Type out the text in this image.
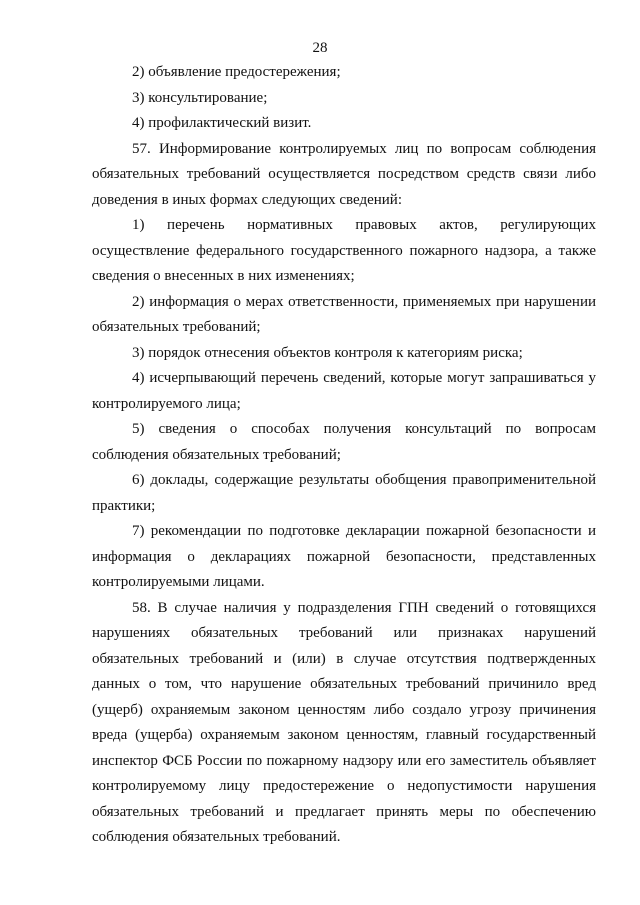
28

2) объявление предостережения;

3) консультирование;

4) профилактический визит.

57. Информирование контролируемых лиц по вопросам соблюдения обязательных требований осуществляется посредством средств связи либо доведения в иных формах следующих сведений:

1) перечень нормативных правовых актов, регулирующих осуществление федерального государственного пожарного надзора, а также сведения о внесенных в них изменениях;

2) информация о мерах ответственности, применяемых при нарушении обязательных требований;

3) порядок отнесения объектов контроля к категориям риска;

4) исчерпывающий перечень сведений, которые могут запрашиваться у контролируемого лица;

5) сведения о способах получения консультаций по вопросам соблюдения обязательных требований;

6) доклады, содержащие результаты обобщения правоприменительной практики;

7) рекомендации по подготовке декларации пожарной безопасности и информация о декларациях пожарной безопасности, представленных контролируемыми лицами.

58. В случае наличия у подразделения ГПН сведений о готовящихся нарушениях обязательных требований или признаках нарушений обязательных требований и (или) в случае отсутствия подтвержденных данных о том, что нарушение обязательных требований причинило вред (ущерб) охраняемым законом ценностям либо создало угрозу причинения вреда (ущерба) охраняемым законом ценностям, главный государственный инспектор ФСБ России по пожарному надзору или его заместитель объявляет контролируемому лицу предостережение о недопустимости нарушения обязательных требований и предлагает принять меры по обеспечению соблюдения обязательных требований.
